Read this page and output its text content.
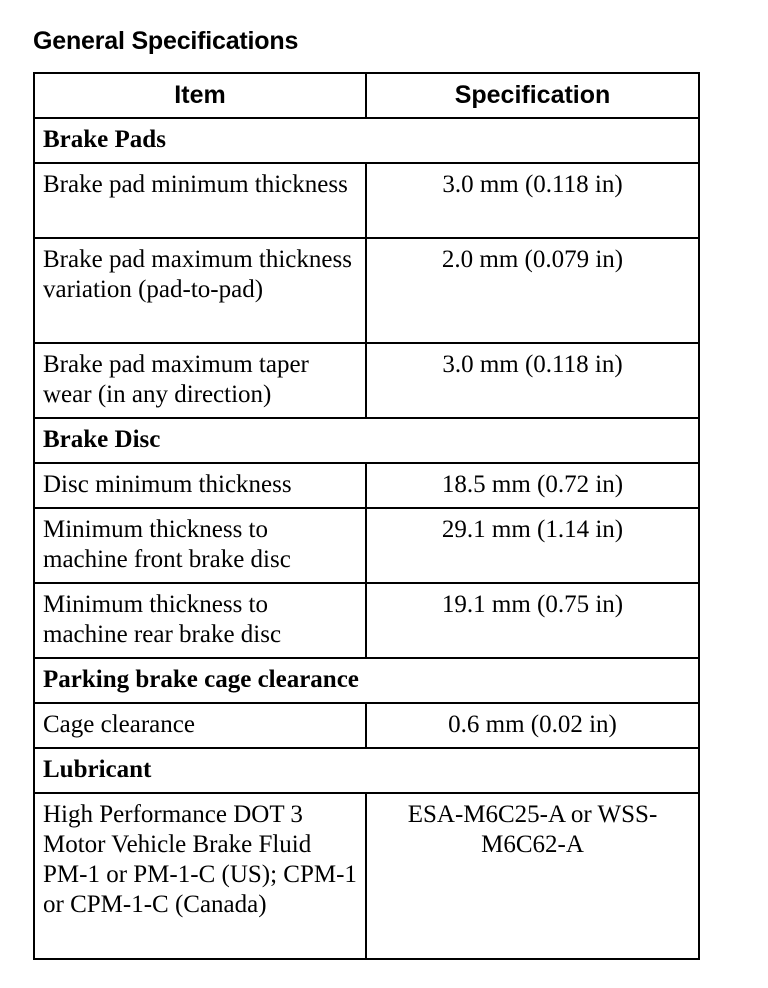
General Specifications
Item	Specification
Brake Pads	
Brake pad minimum thickness	3.0 mm (0.118 in)
Brake pad maximum thickness variation (pad-to-pad)	2.0 mm (0.079 in)
Brake pad maximum taper wear (in any direction)	3.0 mm (0.118 in)
Brake Disc	
Disc minimum thickness	18.5 mm (0.72 in)
Minimum thickness to machine front brake disc	29.1 mm (1.14 in)
Minimum thickness to machine rear brake disc	19.1 mm (0.75 in)
Parking brake cage clearance	
Cage clearance	0.6 mm (0.02 in)
Lubricant	
High Performance DOT 3 Motor Vehicle Brake Fluid PM-1 or PM-1-C (US); CPM-1 or CPM-1-C (Canada)	ESA-M6C25-A or WSS-M6C62-A
